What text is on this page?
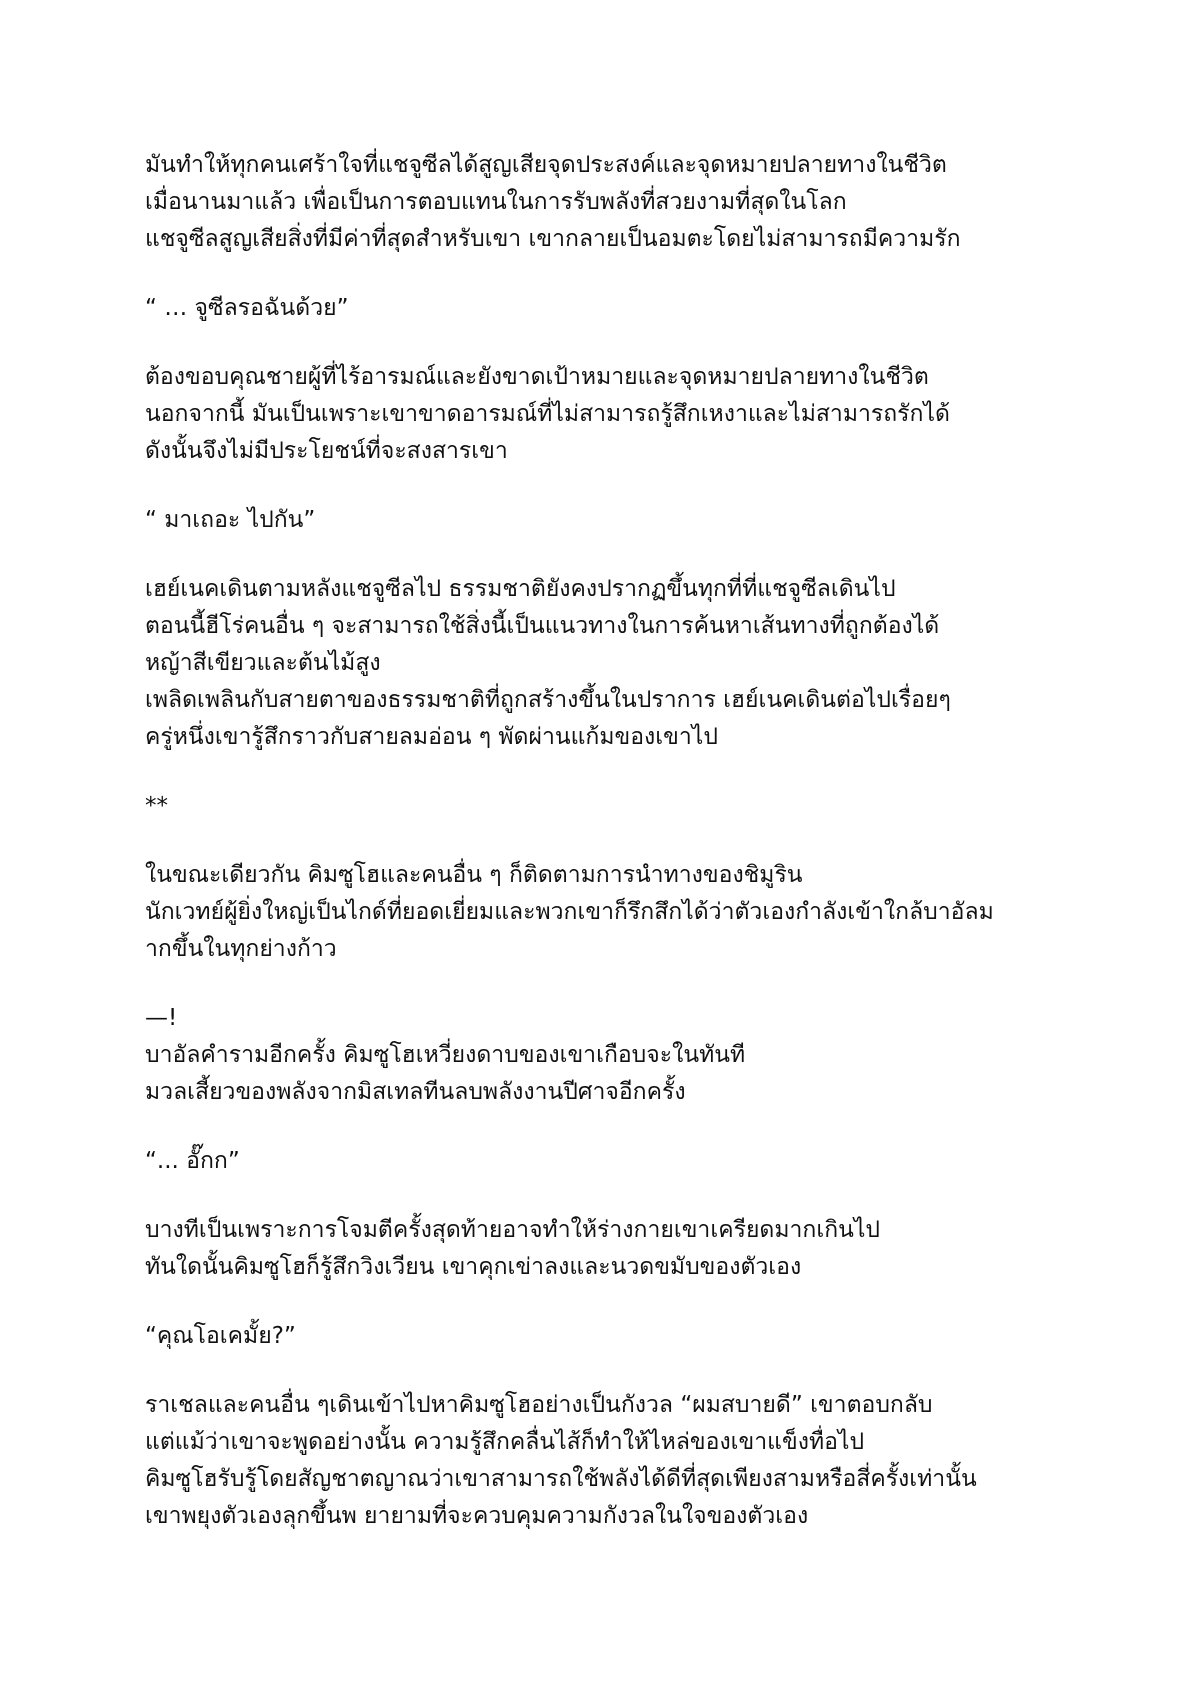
มันทำให้ทุกคนเศร้าใจที่แชจูซีลได้สูญเสียจุดประสงค์และจุดหมายปลายทางในชีวิต
เมื่อนานมาแล้ว เพื่อเป็นการตอบแทนในการรับพลังที่สวยงามที่สุดในโลก
แชจูซีลสูญเสียสิ่งที่มีค่าที่สุดสำหรับเขา เขากลายเป็นอมตะโดยไม่สามารถมีความรัก
“ … จูซีลรอฉันด้วย”
ต้องขอบคุณชายผู้ที่ไร้อารมณ์และยังขาดเป้าหมายและจุดหมายปลายทางในชีวิต
นอกจากนี้ มันเป็นเพราะเขาขาดอารมณ์ที่ไม่สามารถรู้สึกเหงาและไม่สามารถรักได้
ดังนั้นจึงไม่มีประโยชน์ที่จะสงสารเขา
“ มาเถอะ ไปกัน”
เฮย์เนคเดินตามหลังแชจูซีลไป ธรรมชาติยังคงปรากฏขึ้นทุกที่ที่แชจูซีลเดินไป
ตอนนี้ฮีโร่คนอื่น ๆ จะสามารถใช้สิ่งนี้เป็นแนวทางในการค้นหาเส้นทางที่ถูกต้องได้
หญ้าสีเขียวและต้นไม้สูง
เพลิดเพลินกับสายตาของธรรมชาติที่ถูกสร้างขึ้นในปราการ เฮย์เนคเดินต่อไปเรื่อยๆ
ครู่หนึ่งเขารู้สึกราวกับสายลมอ่อน ๆ พัดผ่านแก้มของเขาไป
**
ในขณะเดียวกัน คิมซูโฮและคนอื่น ๆ ก็ติดตามการนำทางของชิมูริน
นักเวทย์ผู้ยิ่งใหญ่เป็นไกด์ที่ยอดเยี่ยมและพวกเขาก็รึกสึกได้ว่าตัวเองกำลังเข้าใกล้บาอัลม
ากขึ้นในทุกย่างก้าว
—!
บาอัลคำรามอีกครั้ง คิมซูโฮเหวี่ยงดาบของเขาเกือบจะในทันที
มวลเสี้ยวของพลังจากมิสเทลทีนลบพลังงานปีศาจอีกครั้ง
“... อั๊กก”
บางทีเป็นเพราะการโจมตีครั้งสุดท้ายอาจทำให้ร่างกายเขาเครียดมากเกินไป
ทันใดนั้นคิมซูโฮก็รู้สึกวิงเวียน เขาคุกเข่าลงและนวดขมับของตัวเอง
“คุณโอเคมั้ย?”
ราเชลและคนอื่น ๆเดินเข้าไปหาคิมซูโฮอย่างเป็นกังวล “ผมสบายดี” เขาตอบกลับ
แต่แม้ว่าเขาจะพูดอย่างนั้น ความรู้สึกคลื่นไส้ก็ทำให้ไหล่ของเขาแข็งทื่อไป
คิมซูโฮรับรู้โดยสัญชาตญาณว่าเขาสามารถใช้พลังได้ดีที่สุดเพียงสามหรือสี่ครั้งเท่านั้น
เขาพยุงตัวเองลุกขึ้นพ ยายามที่จะควบคุมความกังวลในใจของตัวเอง
